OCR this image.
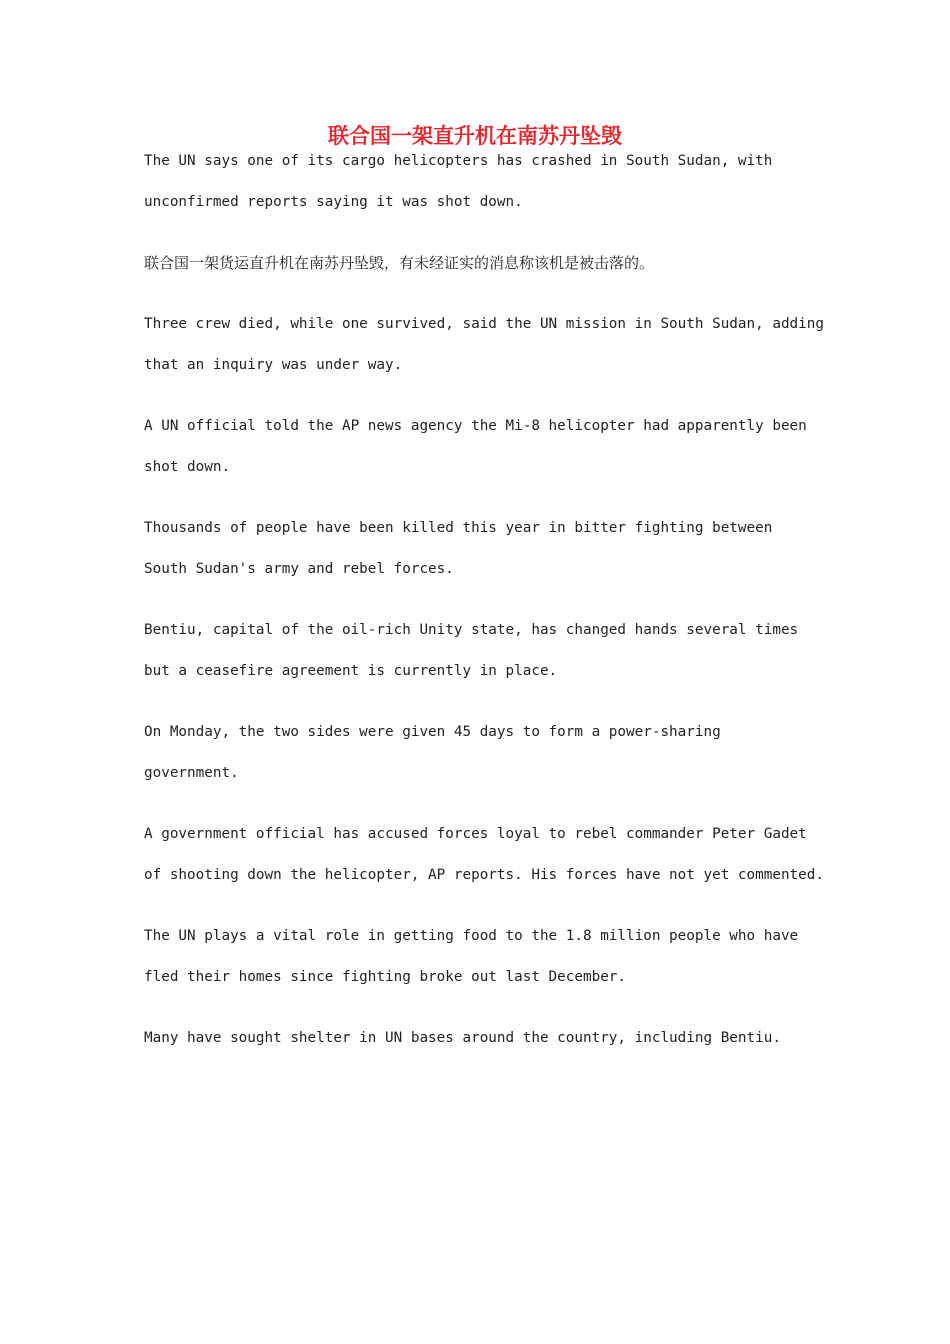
联合国一架直升机在南苏丹坠毁

The UN says one of its cargo helicopters has crashed in South Sudan, with
unconfirmed reports saying it was shot down.

联合国一架货运直升机在南苏丹坠毁，有未经证实的消息称该机是被击落的。

Three crew died, while one survived, said the UN mission in South Sudan, adding
that an inquiry was under way.

A UN official told the AP news agency the Mi-8 helicopter had apparently been
shot down.

Thousands of people have been killed this year in bitter fighting between
South Sudan's army and rebel forces.

Bentiu, capital of the oil-rich Unity state, has changed hands several times
but a ceasefire agreement is currently in place.

On Monday, the two sides were given 45 days to form a power-sharing
government.

A government official has accused forces loyal to rebel commander Peter Gadet
of shooting down the helicopter, AP reports. His forces have not yet commented.

The UN plays a vital role in getting food to the 1.8 million people who have
fled their homes since fighting broke out last December.

Many have sought shelter in UN bases around the country, including Bentiu.
